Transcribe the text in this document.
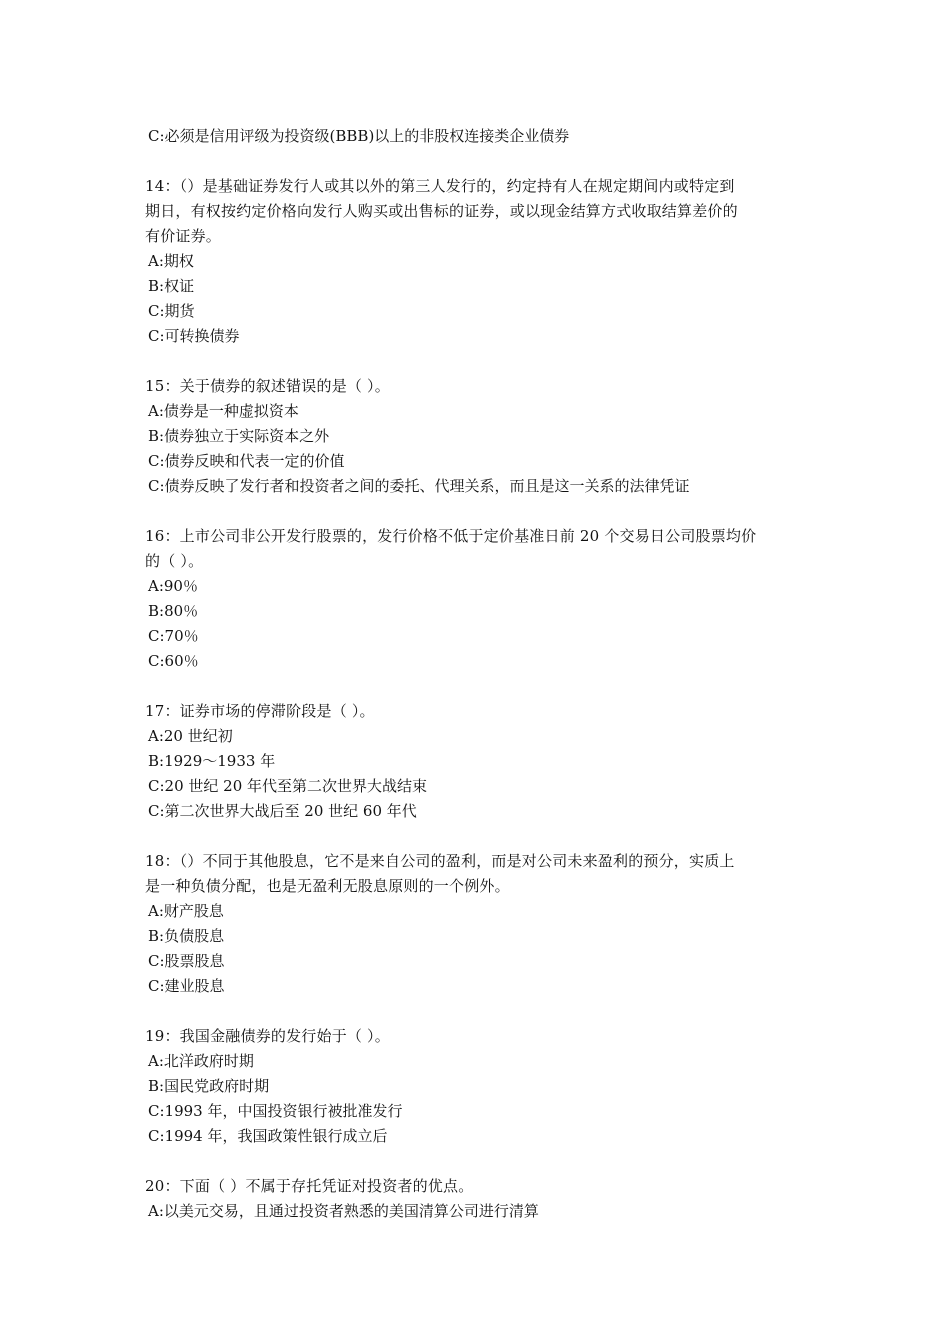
C:必须是信用评级为投资级(BBB)以上的非股权连接类企业债券
14：（）是基础证券发行人或其以外的第三人发行的，约定持有人在规定期间内或特定到
期日，有权按约定价格向发行人购买或出售标的证券，或以现金结算方式收取结算差价的
有价证券。
A:期权
B:权证
C:期货
C:可转换债券
15：关于债券的叙述错误的是（ ）。
A:债券是一种虚拟资本
B:债券独立于实际资本之外
C:债券反映和代表一定的价值
C:债券反映了发行者和投资者之间的委托、代理关系，而且是这一关系的法律凭证
16：上市公司非公开发行股票的，发行价格不低于定价基准日前 20 个交易日公司股票均价
的（ ）。
A:90％
B:80％
C:70％
C:60％
17：证券市场的停滞阶段是（ ）。
A:20 世纪初
B:1929～1933 年
C:20 世纪 20 年代至第二次世界大战结束
C:第二次世界大战后至 20 世纪 60 年代
18：（）不同于其他股息，它不是来自公司的盈利，而是对公司未来盈利的预分，实质上
是一种负债分配，也是无盈利无股息原则的一个例外。
A:财产股息
B:负债股息
C:股票股息
C:建业股息
19：我国金融债券的发行始于（ ）。
A:北洋政府时期
B:国民党政府时期
C:1993 年，中国投资银行被批准发行
C:1994 年，我国政策性银行成立后
20：下面（ ）不属于存托凭证对投资者的优点。
A:以美元交易，且通过投资者熟悉的美国清算公司进行清算
